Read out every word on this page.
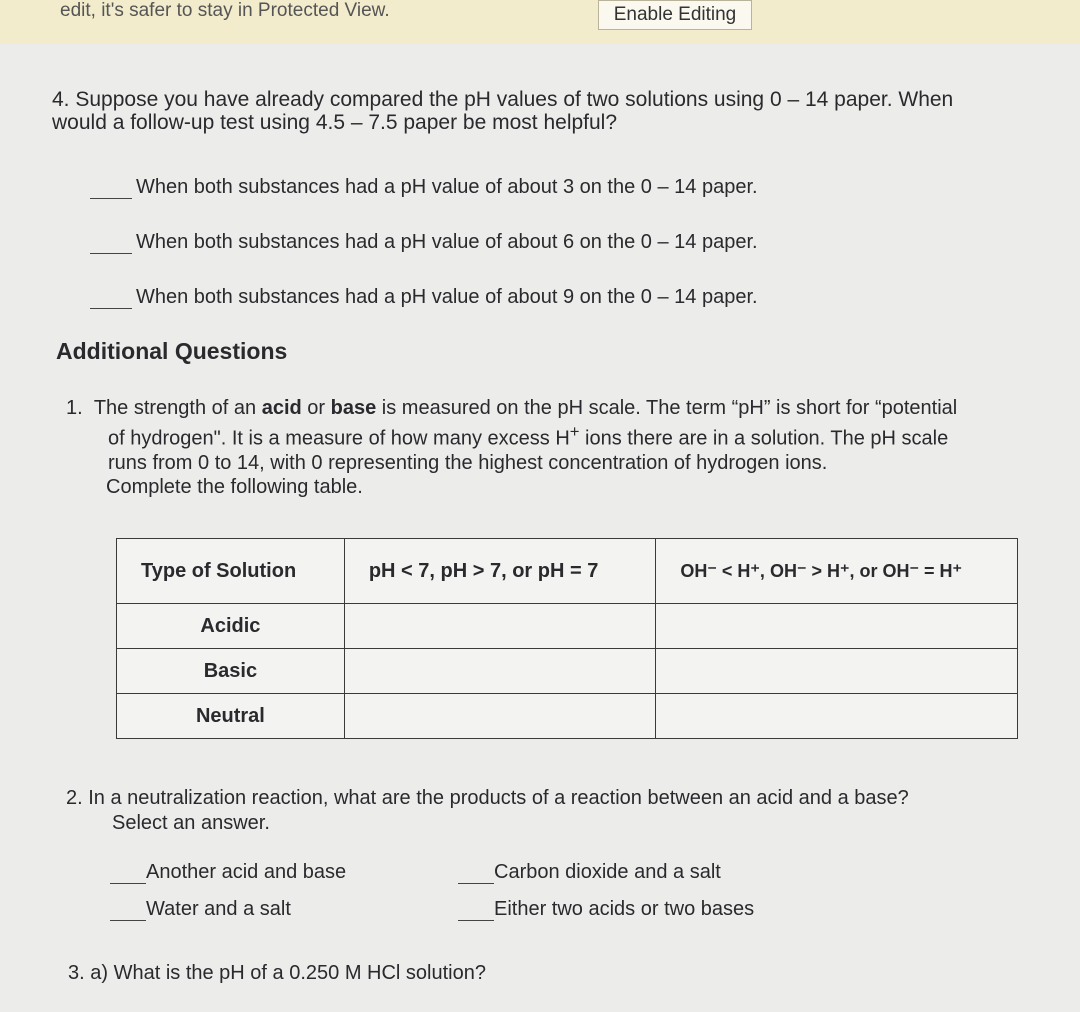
edit, it's safer to stay in Protected View.	Enable Editing
4. Suppose you have already compared the pH values of two solutions using 0 – 14 paper. When
would a follow-up test using 4.5 – 7.5 paper be most helpful?
When both substances had a pH value of about 3 on the 0 – 14 paper.
When both substances had a pH value of about 6 on the 0 – 14 paper.
When both substances had a pH value of about 9 on the 0 – 14 paper.
Additional Questions
1. The strength of an acid or base is measured on the pH scale. The term “pH” is short for “potential
of hydrogen". It is a measure of how many excess H+ ions there are in a solution. The pH scale
runs from 0 to 14, with 0 representing the highest concentration of hydrogen ions.
Complete the following table.
Type of Solution	pH < 7, pH > 7, or pH = 7	OH⁻ < H⁺, OH⁻ > H⁺, or OH⁻ = H⁺
Acidic		
Basic		
Neutral		
2. In a neutralization reaction, what are the products of a reaction between an acid and a base?
Select an answer.
Another acid and base	Carbon dioxide and a salt
Water and a salt	Either two acids or two bases
3. a) What is the pH of a 0.250 M HCl solution?
